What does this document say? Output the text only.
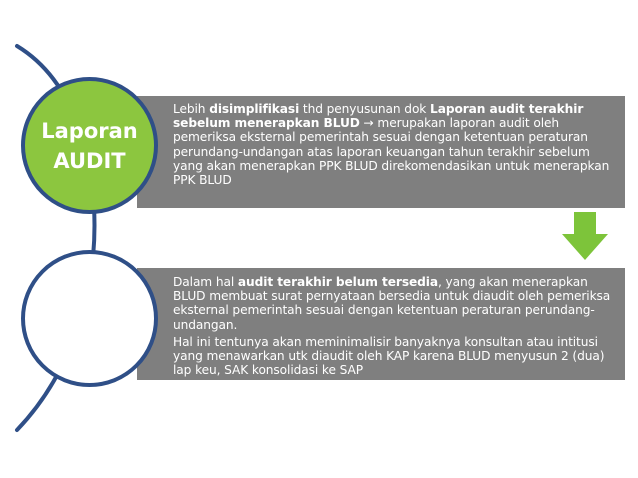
Lebih disimplifikasi thd penyusunan dok Laporan audit terakhir sebelum menerapkan BLUD → merupakan laporan audit oleh pemeriksa eksternal pemerintah sesuai dengan ketentuan peraturan perundang-undangan atas laporan keuangan tahun terakhir sebelum yang akan menerapkan PPK BLUD direkomendasikan untuk menerapkan PPK BLUD

Dalam hal audit terakhir belum tersedia, yang akan menerapkan BLUD membuat surat pernyataan bersedia untuk diaudit oleh pemeriksa eksternal pemerintah sesuai dengan ketentuan peraturan perundang-undangan.

Hal ini tentunya akan meminimalisir banyaknya konsultan atau intitusi yang menawarkan utk diaudit oleh KAP karena BLUD menyusun 2 (dua) lap keu, SAK konsolidasi ke SAP

Laporan
AUDIT
